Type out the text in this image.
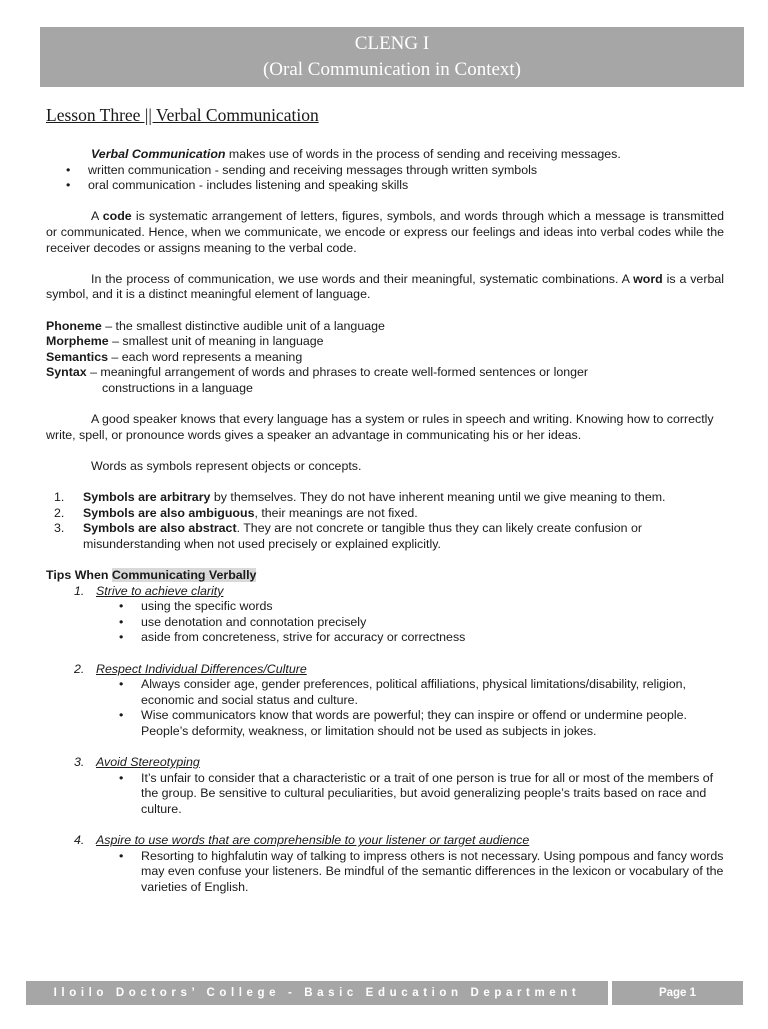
CLENG I
(Oral Communication in Context)
Lesson Three || Verbal Communication

Verbal Communication makes use of words in the process of sending and receiving messages.

• written communication - sending and receiving messages through written symbols
• oral communication - includes listening and speaking skills

A code is systematic arrangement of letters, figures, symbols, and words through which a message is transmitted or communicated. Hence, when we communicate, we encode or express our feelings and ideas into verbal codes while the receiver decodes or assigns meaning to the verbal code.

In the process of communication, we use words and their meaningful, systematic combinations. A word is a verbal symbol, and it is a distinct meaningful element of language.

Phoneme – the smallest distinctive audible unit of a language

Morpheme – smallest unit of meaning in language

Semantics – each word represents a meaning

Syntax – meaningful arrangement of words and phrases to create well-formed sentences or longer
constructions in a language

A good speaker knows that every language has a system or rules in speech and writing. Knowing how to correctly write, spell, or pronounce words gives a speaker an advantage in communicating his or her ideas.

Words as symbols represent objects or concepts.

1. Symbols are arbitrary by themselves. They do not have inherent meaning until we give meaning to them.
2. Symbols are also ambiguous, their meanings are not fixed.
3. Symbols are also abstract. They are not concrete or tangible thus they can likely create confusion or misunderstanding when not used precisely or explained explicitly.

Tips When Communicating Verbally

1. Strive to achieve clarity

• using the specific words
• use denotation and connotation precisely
• aside from concreteness, strive for accuracy or correctness

2. Respect Individual Differences/Culture

• Always consider age, gender preferences, political affiliations, physical limitations/disability, religion, economic and social status and culture.
• Wise communicators know that words are powerful; they can inspire or offend or undermine people. People’s deformity, weakness, or limitation should not be used as subjects in jokes.

3. Avoid Stereotyping

• It’s unfair to consider that a characteristic or a trait of one person is true for all or most of the members of the group. Be sensitive to cultural peculiarities, but avoid generalizing people’s traits based on race and culture.

4. Aspire to use words that are comprehensible to your listener or target audience

• Resorting to highfalutin way of talking to impress others is not necessary. Using pompous and fancy words may even confuse your listeners. Be mindful of the semantic differences in the lexicon or vocabulary of the varieties of English.
Iloilo Doctors’ College - Basic Education Department (SHS)
Page 1
